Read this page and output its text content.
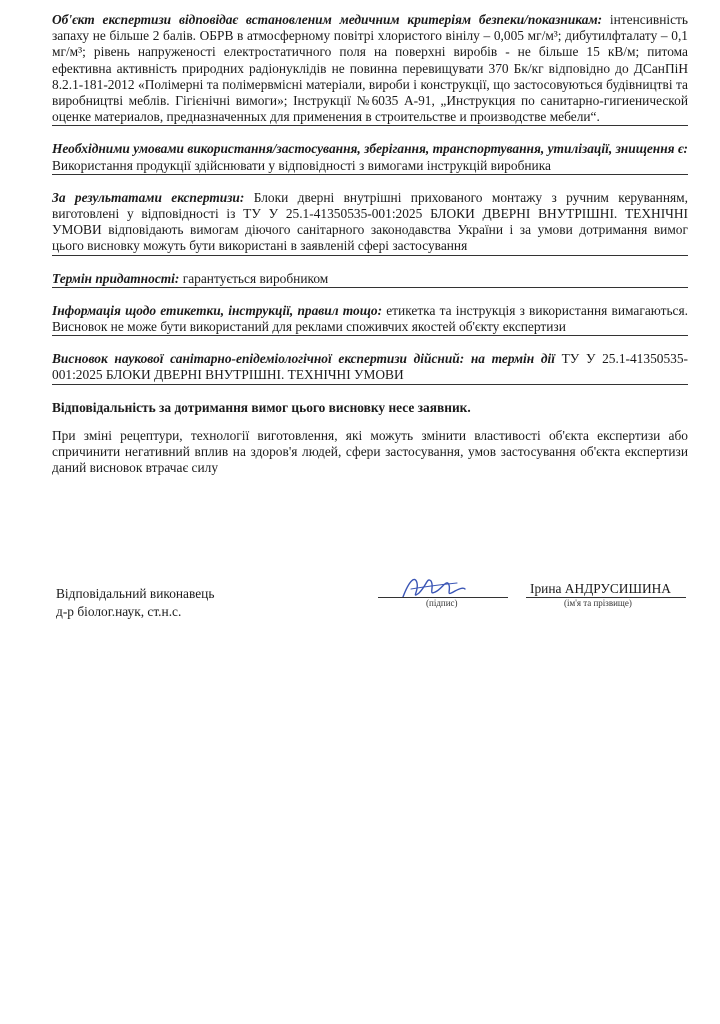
Об'єкт експертизи відповідає встановленим медичним критеріям безпеки/показникам: інтенсивність запаху не більше 2 балів. ОБРВ в атмосферному повітрі хлористого вінілу – 0,005 мг/м³; дибутилфталату – 0,1 мг/м³; рівень напруженості електростатичного поля на поверхні виробів - не більше 15 кВ/м; питома ефективна активність природних радіонуклідів не повинна перевищувати 370 Бк/кг відповідно до ДСанПіН 8.2.1-181-2012 «Полімерні та полімервмісні матеріали, вироби і конструкції, що застосовуються будівництві та виробництві меблів. Гігієнічні вимоги»; Інструкції №6035 А-91, „Инструкция по санитарно-гигиенической оценке материалов, предназначенных для применения в строительстве и производстве мебели“.

Необхідними умовами використання/застосування, зберігання, транспортування, утилізації, знищення є: Використання продукції здійснювати у відповідності з вимогами інструкцій виробника

За результатами експертизи: Блоки дверні внутрішні прихованого монтажу з ручним керуванням, виготовлені у відповідності із ТУ У 25.1-41350535-001:2025 БЛОКИ ДВЕРНІ ВНУТРІШНІ. ТЕХНІЧНІ УМОВИ відповідають вимогам діючого санітарного законодавства України і за умови дотримання вимог цього висновку можуть бути використані в заявленій сфері застосування

Термін придатності: гарантується виробником

Інформація щодо етикетки, інструкції, правил тощо: етикетка та інструкція з використання вимагаються. Висновок не може бути використаний для реклами споживчих якостей об'єкту експертизи

Висновок наукової санітарно-епідеміологічної експертизи дійсний: на термін дії ТУ У 25.1-41350535-001:2025 БЛОКИ ДВЕРНІ ВНУТРІШНІ. ТЕХНІЧНІ УМОВИ

Відповідальність за дотримання вимог цього висновку несе заявник.

При зміні рецептури, технології виготовлення, які можуть змінити властивості об'єкта експертизи або спричинити негативний вплив на здоров'я людей, сфери застосування, умов застосування об'єкта експертизи даний висновок втрачає силу

Відповідальний виконавець
д-р біолог.наук, ст.н.с.
(підпис)
Ірина АНДРУСИШИНА
(ім'я та прізвище)
